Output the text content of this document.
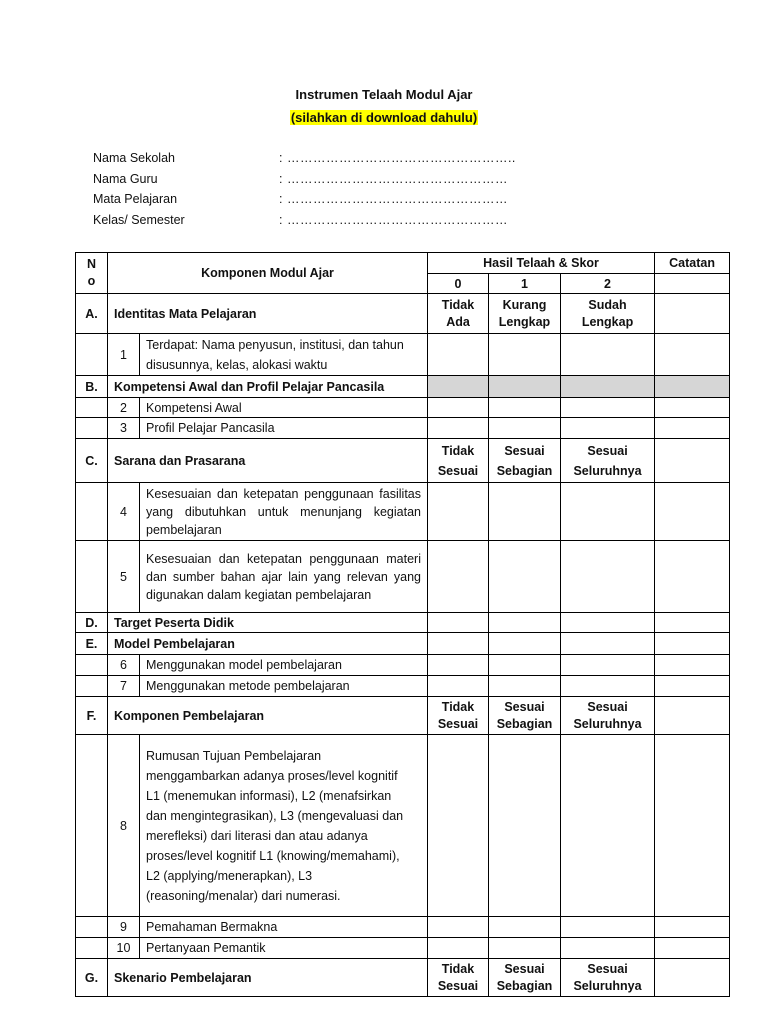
Instrumen Telaah Modul Ajar
(silahkan di download dahulu)
Nama Sekolah	: ……………………………………………..
Nama Guru	: ……………………………………………
Mata Pelajaran	: ……………………………………………
Kelas/ Semester	: ……………………………………………
N
o	Komponen Modul Ajar		Hasil Telaah & Skor			Catatan
			0	1	2	
A.	Identitas Mata Pelajaran		Tidak Ada	Kurang Lengkap	Sudah Lengkap	
	1	Terdapat: Nama penyusun, institusi, dan tahun disusunnya, kelas, alokasi waktu				
B.	Kompetensi Awal dan Profil Pelajar Pancasila					
	2	Kompetensi Awal				
	3	Profil Pelajar Pancasila				
C.	Sarana dan Prasarana		Tidak Sesuai	Sesuai Sebagian	Sesuai Seluruhnya	
	4	Kesesuaian dan ketepatan penggunaan fasilitas yang dibutuhkan untuk menunjang kegiatan pembelajaran				
	5	Kesesuaian dan ketepatan penggunaan materi dan sumber bahan ajar lain yang relevan yang digunakan dalam kegiatan pembelajaran				
D.	Target Peserta Didik					
E.	Model Pembelajaran					
	6	Menggunakan model pembelajaran				
	7	Menggunakan metode pembelajaran				
F.	Komponen Pembelajaran		Tidak Sesuai	Sesuai Sebagian	Sesuai Seluruhnya	
	8	Rumusan Tujuan Pembelajaran menggambarkan adanya proses/level kognitif L1 (menemukan informasi), L2 (menafsirkan dan mengintegrasikan), L3 (mengevaluasi dan merefleksi) dari literasi dan atau adanya proses/level kognitif L1 (knowing/memahami), L2 (applying/menerapkan), L3 (reasoning/menalar) dari numerasi.				
	9	Pemahaman Bermakna				
	10	Pertanyaan Pemantik				
G.	Skenario Pembelajaran		Tidak Sesuai	Sesuai Sebagian	Sesuai Seluruhnya	
